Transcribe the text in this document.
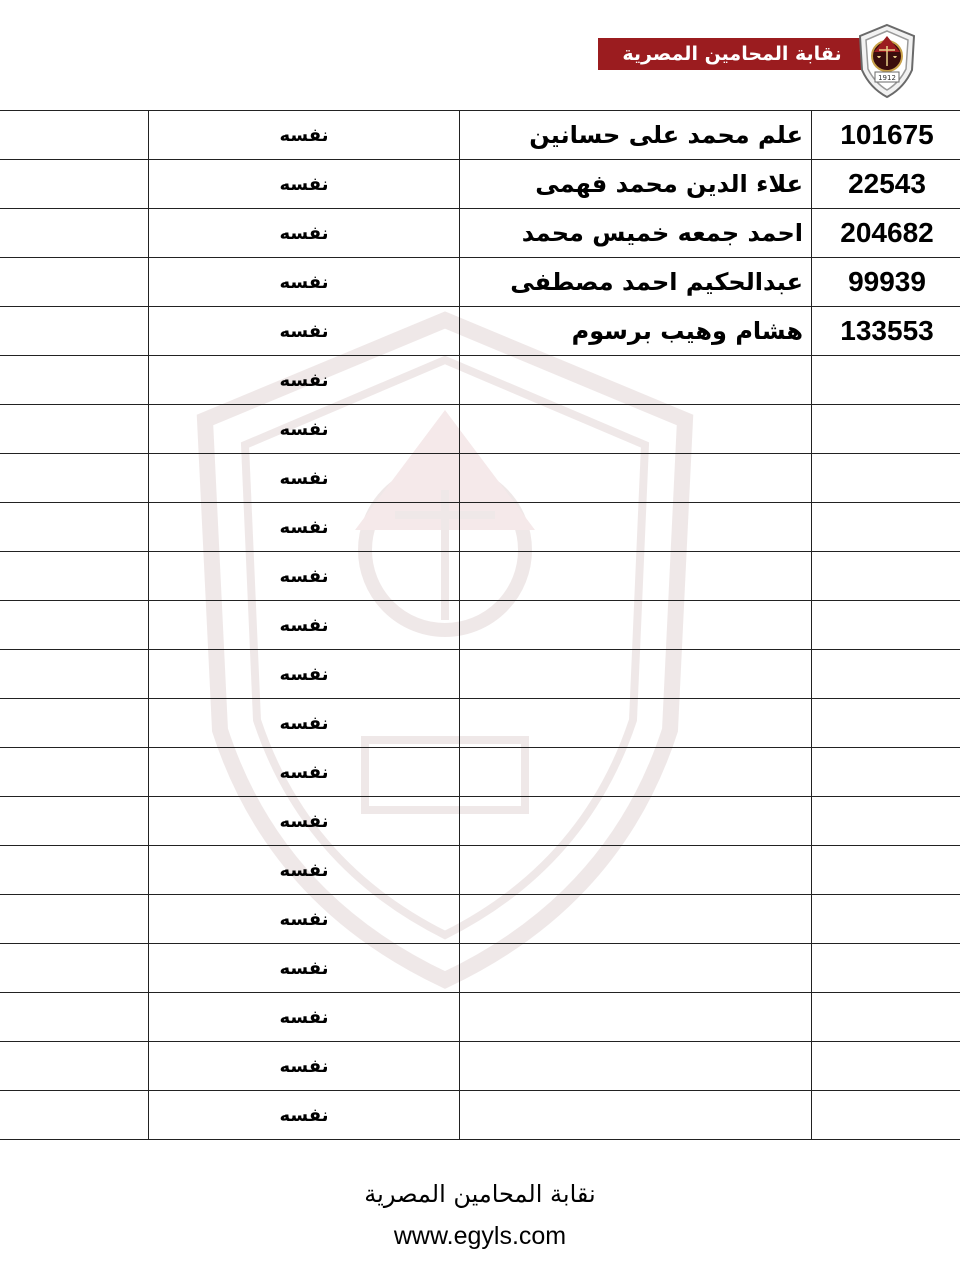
نقابة المحامين المصرية
1912
	نفسه	علم محمد على حسانين	101675
	نفسه	علاء الدين محمد فهمى	22543
	نفسه	احمد جمعه خميس محمد	204682
	نفسه	عبدالحكيم احمد مصطفى	99939
	نفسه	هشام وهيب برسوم	133553
	نفسه		
	نفسه		
	نفسه		
	نفسه		
	نفسه		
	نفسه		
	نفسه		
	نفسه		
	نفسه		
	نفسه		
	نفسه		
	نفسه		
	نفسه		
	نفسه		
	نفسه		
	نفسه		
نقابة المحامين المصرية
www.egyls.com
